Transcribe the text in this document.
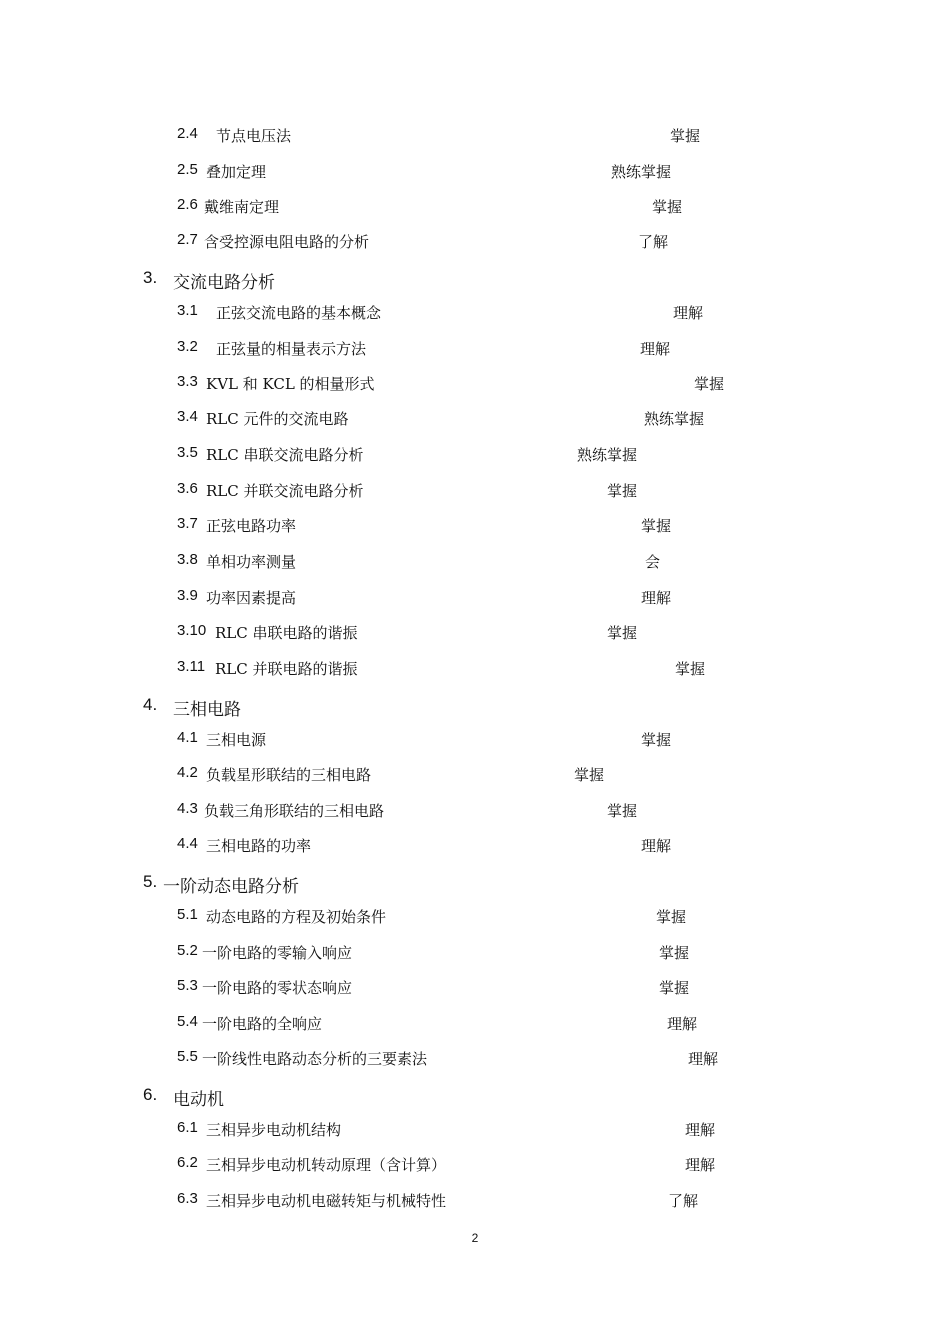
2.4 节点电压法	掌握
2.5 叠加定理	熟练掌握
2.6 戴维南定理	掌握
2.7 含受控源电阻电路的分析	了解
3. 交流电路分析
3.1 正弦交流电路的基本概念	理解
3.2 正弦量的相量表示方法	理解
3.3 KVL 和 KCL 的相量形式	掌握
3.4 RLC 元件的交流电路	熟练掌握
3.5 RLC 串联交流电路分析	熟练掌握
3.6 RLC 并联交流电路分析	掌握
3.7 正弦电路功率	掌握
3.8 单相功率测量	会
3.9 功率因素提高	理解
3.10 RLC 串联电路的谐振	掌握
3.11 RLC 并联电路的谐振	掌握
4. 三相电路
4.1 三相电源	掌握
4.2 负载星形联结的三相电路	掌握
4.3 负载三角形联结的三相电路	掌握
4.4 三相电路的功率	理解
5. 一阶动态电路分析
5.1 动态电路的方程及初始条件	掌握
5.2 一阶电路的零输入响应	掌握
5.3 一阶电路的零状态响应	掌握
5.4 一阶电路的全响应	理解
5.5 一阶线性电路动态分析的三要素法	理解
6. 电动机
6.1 三相异步电动机结构	理解
6.2 三相异步电动机转动原理（含计算）	理解
6.3 三相异步电动机电磁转矩与机械特性	了解
2
